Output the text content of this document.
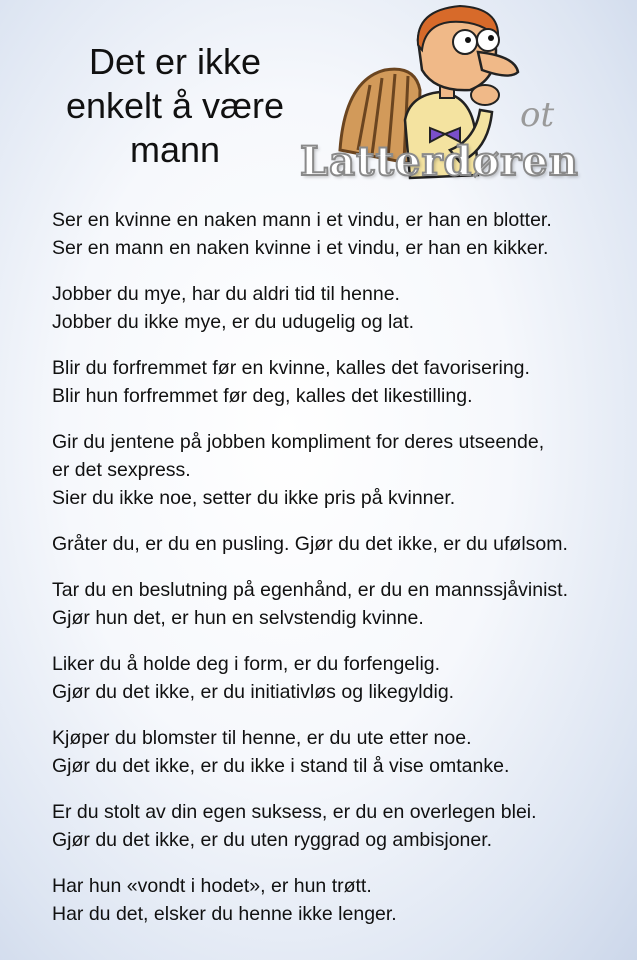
Det er ikke
enkelt å være
mann
ot
Latterdøren
Ser en kvinne en naken mann i et vindu, er han en blotter.
Ser en mann en naken kvinne i et vindu, er han en kikker.
Jobber du mye, har du aldri tid til henne.
Jobber du ikke mye, er du udugelig og lat.
Blir du forfremmet før en kvinne, kalles det favorisering.
Blir hun forfremmet før deg, kalles det likestilling.
Gir du jentene på jobben kompliment for deres utseende,
er det sexpress.
Sier du ikke noe, setter du ikke pris på kvinner.
Gråter du, er du en pusling. Gjør du det ikke, er du ufølsom.
Tar du en beslutning på egenhånd, er du en mannssjåvinist.
Gjør hun det, er hun en selvstendig kvinne.
Liker du å holde deg i form, er du forfengelig.
Gjør du det ikke, er du initiativløs og likegyldig.
Kjøper du blomster til henne, er du ute etter noe.
Gjør du det ikke, er du ikke i stand til å vise omtanke.
Er du stolt av din egen suksess, er du en overlegen blei.
Gjør du det ikke, er du uten ryggrad og ambisjoner.
Har hun «vondt i hodet», er hun trøtt.
Har du det, elsker du henne ikke lenger.
